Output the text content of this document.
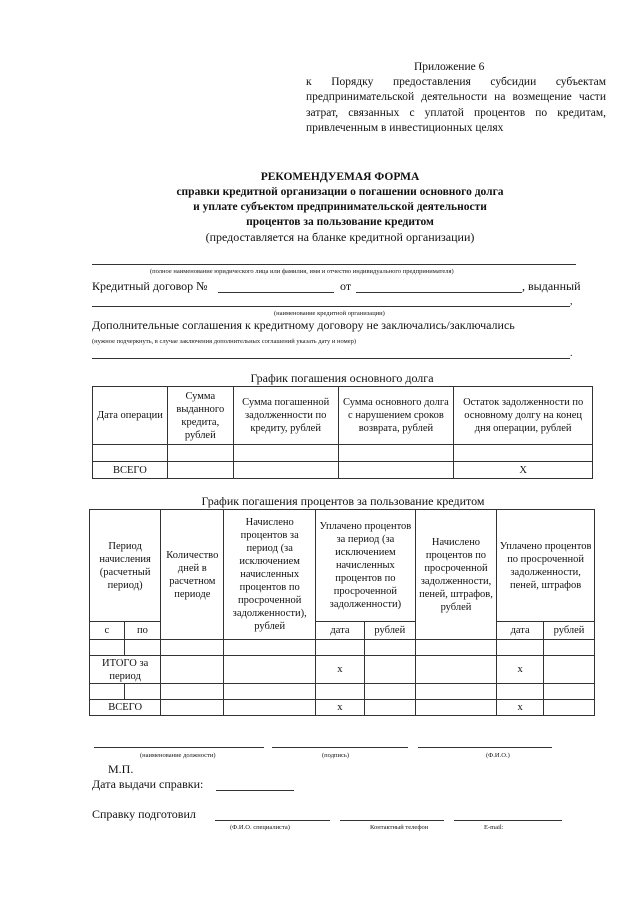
Приложение 6
к Порядку предоставления субсидии субъектам предпринимательской деятельности на возмещение части затрат, связанных с уплатой процентов по кредитам, привлеченным в инвестиционных целях
РЕКОМЕНДУЕМАЯ ФОРМА
справки кредитной организации о погашении основного долга
и уплате субъектом предпринимательской деятельности
процентов за пользование кредитом
(предоставляется на бланке кредитной организации)
(полное наименование юридического лица или фамилия, имя и отчество индивидуального предпринимателя)
Кредитный договор №	от	, выданный
,
(наименование кредитной организации)
Дополнительные соглашения к кредитному договору не заключались/заключались
(нужное подчеркнуть, в случае заключения дополнительных соглашений указать дату и номер)
.
График погашения основного долга
Дата операции	Сумма выданного кредита, рублей	Сумма погашенной задолженности по кредиту, рублей	Сумма основного долга с нарушением сроков возврата, рублей	Остаток задолженности по основному долгу на конец дня операции, рублей

ВСЕГО				X
График погашения процентов за пользование кредитом
Период начисления (расчетный период)		Количество дней в расчетном периоде	Начислено процентов за период (за исключением начисленных процентов по просроченной задолженности), рублей	Уплачено процентов за период (за исключением начисленных процентов по просроченной задолженности)		Начислено процентов по просроченной задолженности, пеней, штрафов, рублей	Уплачено процентов по просроченной задолженности, пеней, штрафов	
с	по			дата	рублей		дата	рублей

ИТОГО за период				x			x	

ВСЕГО				x			x	
(наименование должности)	(подпись)	(Ф.И.О.)
М.П.
Дата выдачи справки:
Справку подготовил
(Ф.И.О. специалиста)	Контактный телефон	E-mail:
